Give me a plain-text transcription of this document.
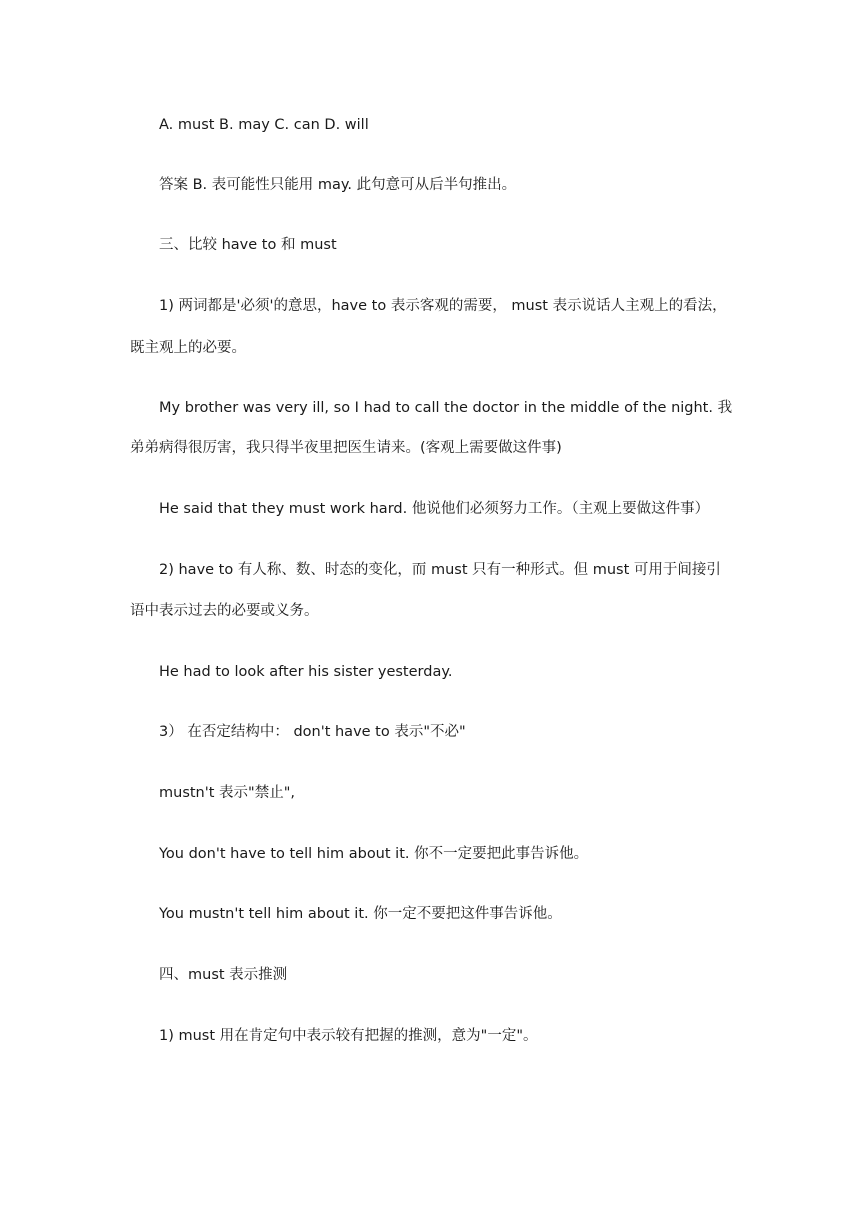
A. must B. may C. can D. will
答案 B. 表可能性只能用 may. 此句意可从后半句推出。
三、比较 have to 和 must
1) 两词都是'必须'的意思，have to 表示客观的需要， must 表示说话人主观上的看法，
既主观上的必要。
My brother was very ill, so I had to call the doctor in the middle of the night. 我
弟弟病得很厉害，我只得半夜里把医生请来。(客观上需要做这件事)
He said that they must work hard. 他说他们必须努力工作。（主观上要做这件事）
2) have to 有人称、数、时态的变化，而 must 只有一种形式。但 must 可用于间接引
语中表示过去的必要或义务。
He had to look after his sister yesterday.
3） 在否定结构中： don't have to 表示"不必"
mustn't 表示"禁止",
You don't have to tell him about it. 你不一定要把此事告诉他。
You mustn't tell him about it. 你一定不要把这件事告诉他。
四、must 表示推测
1) must 用在肯定句中表示较有把握的推测，意为"一定"。
